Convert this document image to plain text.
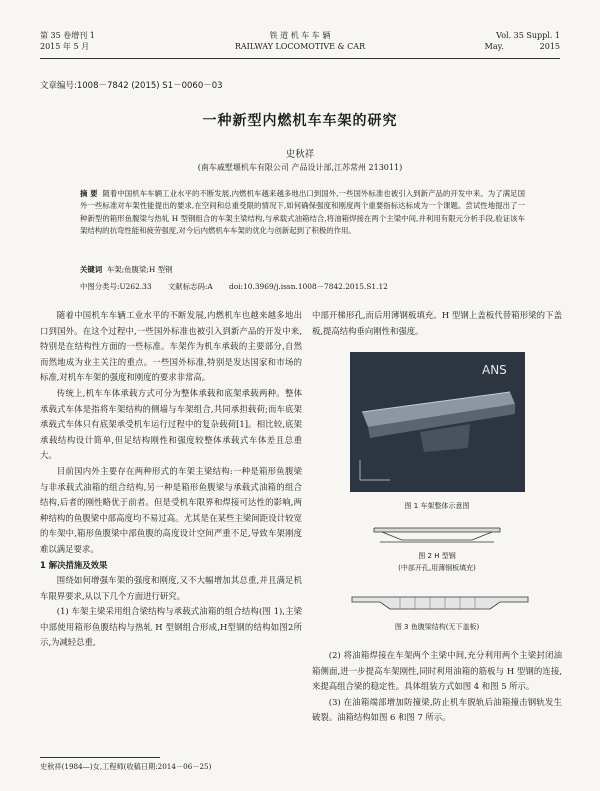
第 35 卷增刊 1
2015 年 5 月
铁 道 机 车 车 辆
RAILWAY LOCOMOTIVE & CAR
Vol. 35 Suppl. 1
May.	2015
文章编号:1008－7842 (2015) S1－0060－03
一种新型内燃机车车架的研究
史秋祥
(南车戚墅堰机车有限公司 产品设计部,江苏常州 213011)
摘 要 随着中国机车车辆工业水平的不断发展,内燃机车越来越多地出口到国外,一些国外标准也被引入到新产品的开发中来。为了满足国外一些标准对车架性能提出的要求,在空间和总重受限的情况下,如何确保强度和刚度两个重要指标达标成为一个课题。尝试性地提出了一种新型的箱形鱼腹梁与热轧 H 型钢组合的车架主梁结构,与承载式油箱结合,将油箱焊接在两个主梁中间,并利用有限元分析手段,验证该车架结构的抗弯性能和疲劳强度,对今后内燃机车车架的优化与创新起到了积极的作用。
关键词 车架;鱼腹梁;H 型钢
中图分类号:U262.33 文献标志码:A doi:10.3969/j.issn.1008－7842.2015.S1.12

随着中国机车车辆工业水平的不断发展,内燃机车也越来越多地出口到国外。在这个过程中,一些国外标准也被引入到新产品的开发中来,特别是在结构性方面的一些标准。车架作为机车承载的主要部分,自然而然地成为业主关注的重点。一些国外标准,特别是发达国家和市场的标准,对机车车架的强度和刚度的要求非常高。

传统上,机车车体承载方式可分为整体承载和底架承载两种。整体承载式车体是指将车架结构的侧墙与车架组合,共同承担载荷;而车底架承载式车体只有底架承受机车运行过程中的复杂载荷[1]。相比较,底架承载结构设计简单,但足结构刚性和强度较整体承载式车体差且总重大。

目前国内外主要存在两种形式的车架主梁结构:一种是箱形鱼腹梁与非承载式油箱的组合结构,另一种是箱形鱼腹梁与承载式油箱的组合结构,后者的刚性略优于前者。但是受机车限界和焊接可达性的影响,两种结构的鱼腹梁中部高度均不易过高。尤其是在某些主梁间距设计较宽的车架中,箱形鱼腹梁中部鱼腹的高度设计空间严重不足,导致车架刚度难以满足要求。

1 解决措施及效果

围绕如何增强车架的强度和刚度,又不大幅增加其总重,并且满足机车限界要求,从以下几个方面进行研究。

(1) 车架主梁采用组合梁结构与承载式油箱的组合结构(图 1),主梁中部使用箱形鱼腹结构与热轧 H 型钢组合形成,H型钢的结构如图2所示,为减轻总重,

中部开梯形孔,而后用薄钢板填充。H 型钢上盖板代替箱形梁的下盖板,提高结构垂向刚性和强度。

ANS
图 1 车架整体示意图
图 2 H 型钢
(中部开孔,用薄钢板填充)
图 3 鱼腹梁结构(无下盖板)

(2) 将油箱焊接在车架两个主梁中间,充分利用两个主梁封闭油箱侧面,进一步提高车架刚性,同时利用油箱的筋板与 H 型钢的连接,来提高组合梁的稳定性。具体组装方式如图 4 和图 5 所示。

(3) 在油箱端部增加防撞梁,防止机车脱轨后油箱撞击钢轨发生破裂。油箱结构如图 6 和图 7 所示。

史秋祥(1984—)女,工程师(收稿日期:2014－06－25)
